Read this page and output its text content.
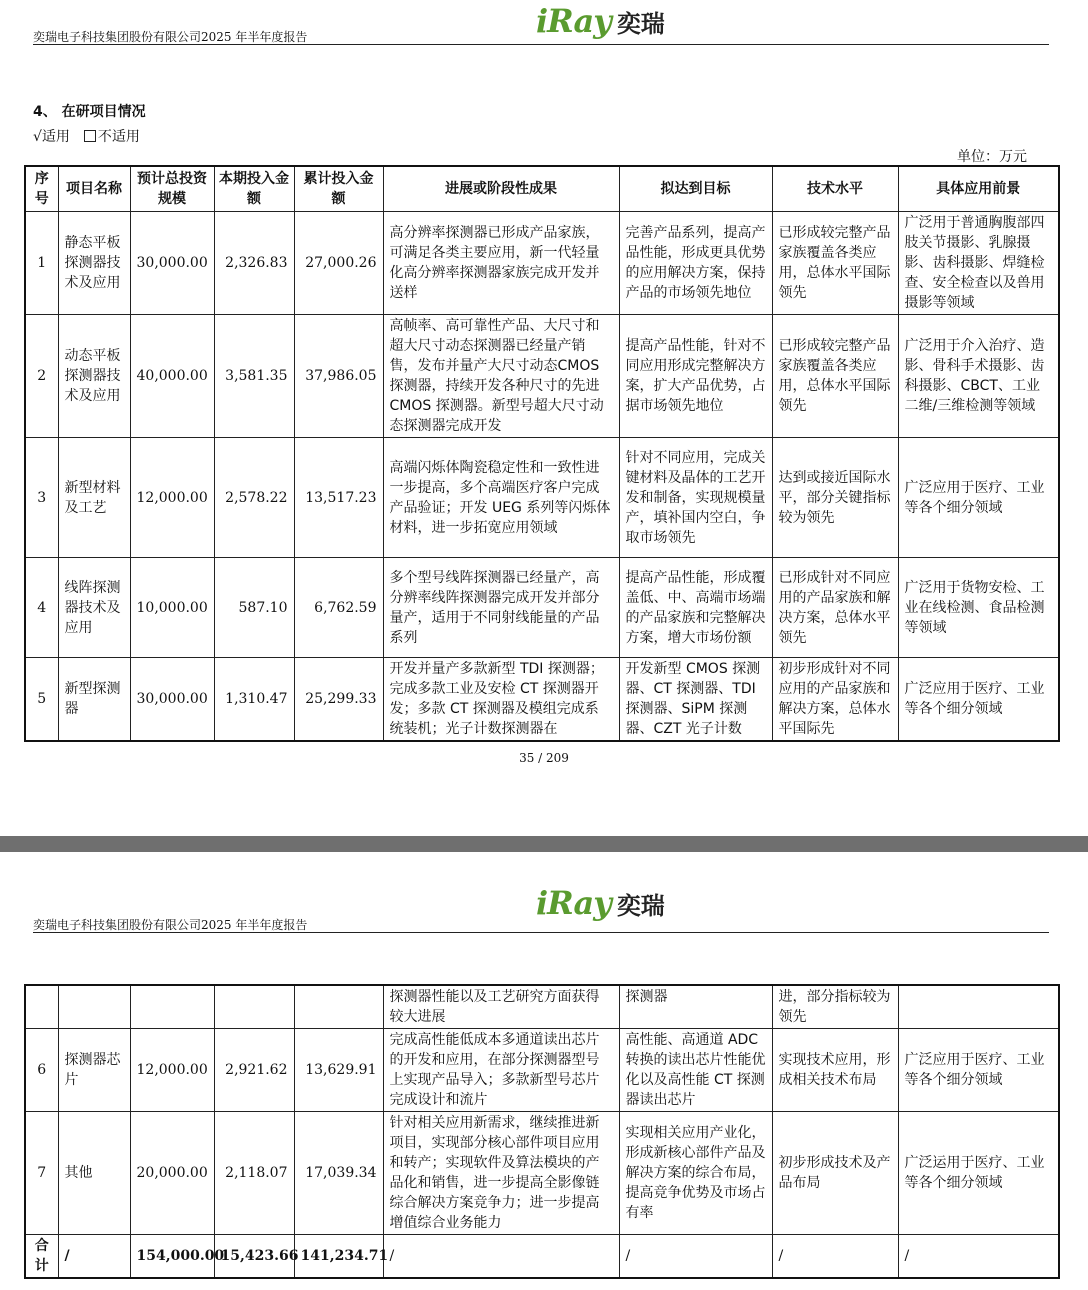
iRay 奕瑞
奕瑞电子科技集团股份有限公司2025 年半年度报告
4、 在研项目情况
√适用 不适用
单位：万元
序号	项目名称	预计总投资规模	本期投入金额	累计投入金额	进展或阶段性成果	拟达到目标	技术水平	具体应用前景
1	静态平板探测器技术及应用	30,000.00	2,326.83	27,000.26	高分辨率探测器已形成产品家族，可满足各类主要应用，新一代轻量化高分辨率探测器家族完成开发并送样	完善产品系列，提高产品性能，形成更具优势的应用解决方案，保持产品的市场领先地位	已形成较完整产品家族覆盖各类应用，总体水平国际领先	广泛用于普通胸腹部四肢关节摄影、乳腺摄影、齿科摄影、焊缝检查、安全检查以及兽用摄影等领域
2	动态平板探测器技术及应用	40,000.00	3,581.35	37,986.05	高帧率、高可靠性产品、大尺寸和超大尺寸动态探测器已经量产销售，发布并量产大尺寸动态CMOS探测器，持续开发各种尺寸的先进 CMOS 探测器。新型号超大尺寸动态探测器完成开发	提高产品性能，针对不同应用形成完整解决方案，扩大产品优势，占据市场领先地位	已形成较完整产品家族覆盖各类应用，总体水平国际领先	广泛用于介入治疗、造影、骨科手术摄影、齿科摄影、CBCT、工业二维/三维检测等领域
3	新型材料及工艺	12,000.00	2,578.22	13,517.23	高端闪烁体陶瓷稳定性和一致性进一步提高，多个高端医疗客户完成产品验证；开发 UEG 系列等闪烁体材料，进一步拓宽应用领域	针对不同应用，完成关键材料及晶体的工艺开发和制备，实现规模量产，填补国内空白，争取市场领先	达到或接近国际水平，部分关键指标较为领先	广泛应用于医疗、工业等各个细分领域
4	线阵探测器技术及应用	10,000.00	587.10	6,762.59	多个型号线阵探测器已经量产，高分辨率线阵探测器完成开发并部分量产，适用于不同射线能量的产品系列	提高产品性能，形成覆盖低、中、高端市场端的产品家族和完整解决方案，增大市场份额	已形成针对不同应用的产品家族和解决方案，总体水平领先	广泛用于货物安检、工业在线检测、食品检测等领域
5	新型探测器	30,000.00	1,310.47	25,299.33	开发并量产多款新型 TDI 探测器；完成多款工业及安检 CT 探测器开发；多款 CT 探测器及模组完成系统装机；光子计数探测器在	开发新型 CMOS 探测器、CT 探测器、TDI 探测器、SiPM 探测器、CZT 光子计数	初步形成针对不同应用的产品家族和解决方案，总体水平国际先	广泛应用于医疗、工业等各个细分领域
35 / 209
iRay 奕瑞
奕瑞电子科技集团股份有限公司2025 年半年度报告
					探测器性能以及工艺研究方面获得较大进展	探测器	进，部分指标较为领先	
6	探测器芯片	12,000.00	2,921.62	13,629.91	完成高性能低成本多通道读出芯片的开发和应用，在部分探测器型号上实现产品导入；多款新型号芯片完成设计和流片	高性能、高通道 ADC 转换的读出芯片性能优化以及高性能 CT 探测器读出芯片	实现技术应用，形成相关技术布局	广泛应用于医疗、工业等各个细分领域
7	其他	20,000.00	2,118.07	17,039.34	针对相关应用新需求，继续推进新项目，实现部分核心部件项目应用和转产；实现软件及算法模块的产品化和销售，进一步提高全影像链综合解决方案竞争力；进一步提高增值综合业务能力	实现相关应用产业化，形成新核心部件产品及解决方案的综合布局，提高竞争优势及市场占有率	初步形成技术及产品布局	广泛运用于医疗、工业等各个细分领域
合计	/	154,000.00	15,423.66	141,234.71	/	/	/	/
